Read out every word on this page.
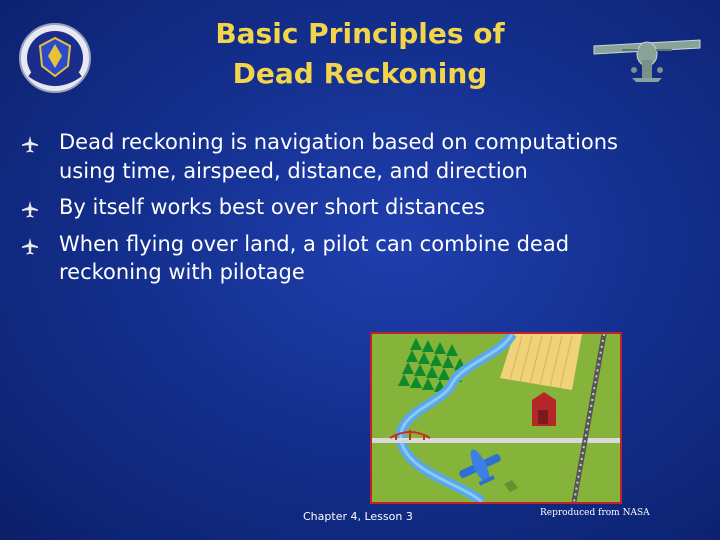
Basic Principles of
Dead Reckoning
Dead reckoning is navigation based on computations using time, airspeed, distance, and direction
By itself works best over short distances
When flying over land, a pilot can combine dead reckoning with pilotage
Chapter 4, Lesson 3	Reproduced from NASA
